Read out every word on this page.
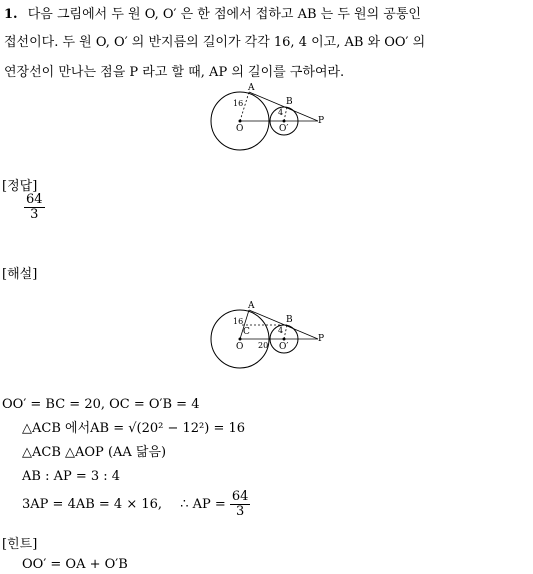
1. 다음 그림에서 두 원 O, O′ 은 한 점에서 접하고 AB 는 두 원의 공통인
접선이다. 두 원 O, O′ 의 반지름의 길이가 각각 16, 4 이고, AB 와 OO′ 의
연장선이 만나는 점을 P 라고 할 때, AP 의 길이를 구하여라.
A
B
O	O′
P
16
4
[정답]
$\frac{64}{3}$
[해설]
A
B
C
O	O′
P
16
4
20
OO′ = BC = 20, OC = O′B = 4
△ACB 에서AB = √(20² − 12²) = 16
△ACB △AOP (AA 닮음)
AB : AP = 3 : 4
3AP = 4AB = 4 × 16, ∴ AP = $\frac{64}{3}$
[힌트]
OO′ = OA + O′B
